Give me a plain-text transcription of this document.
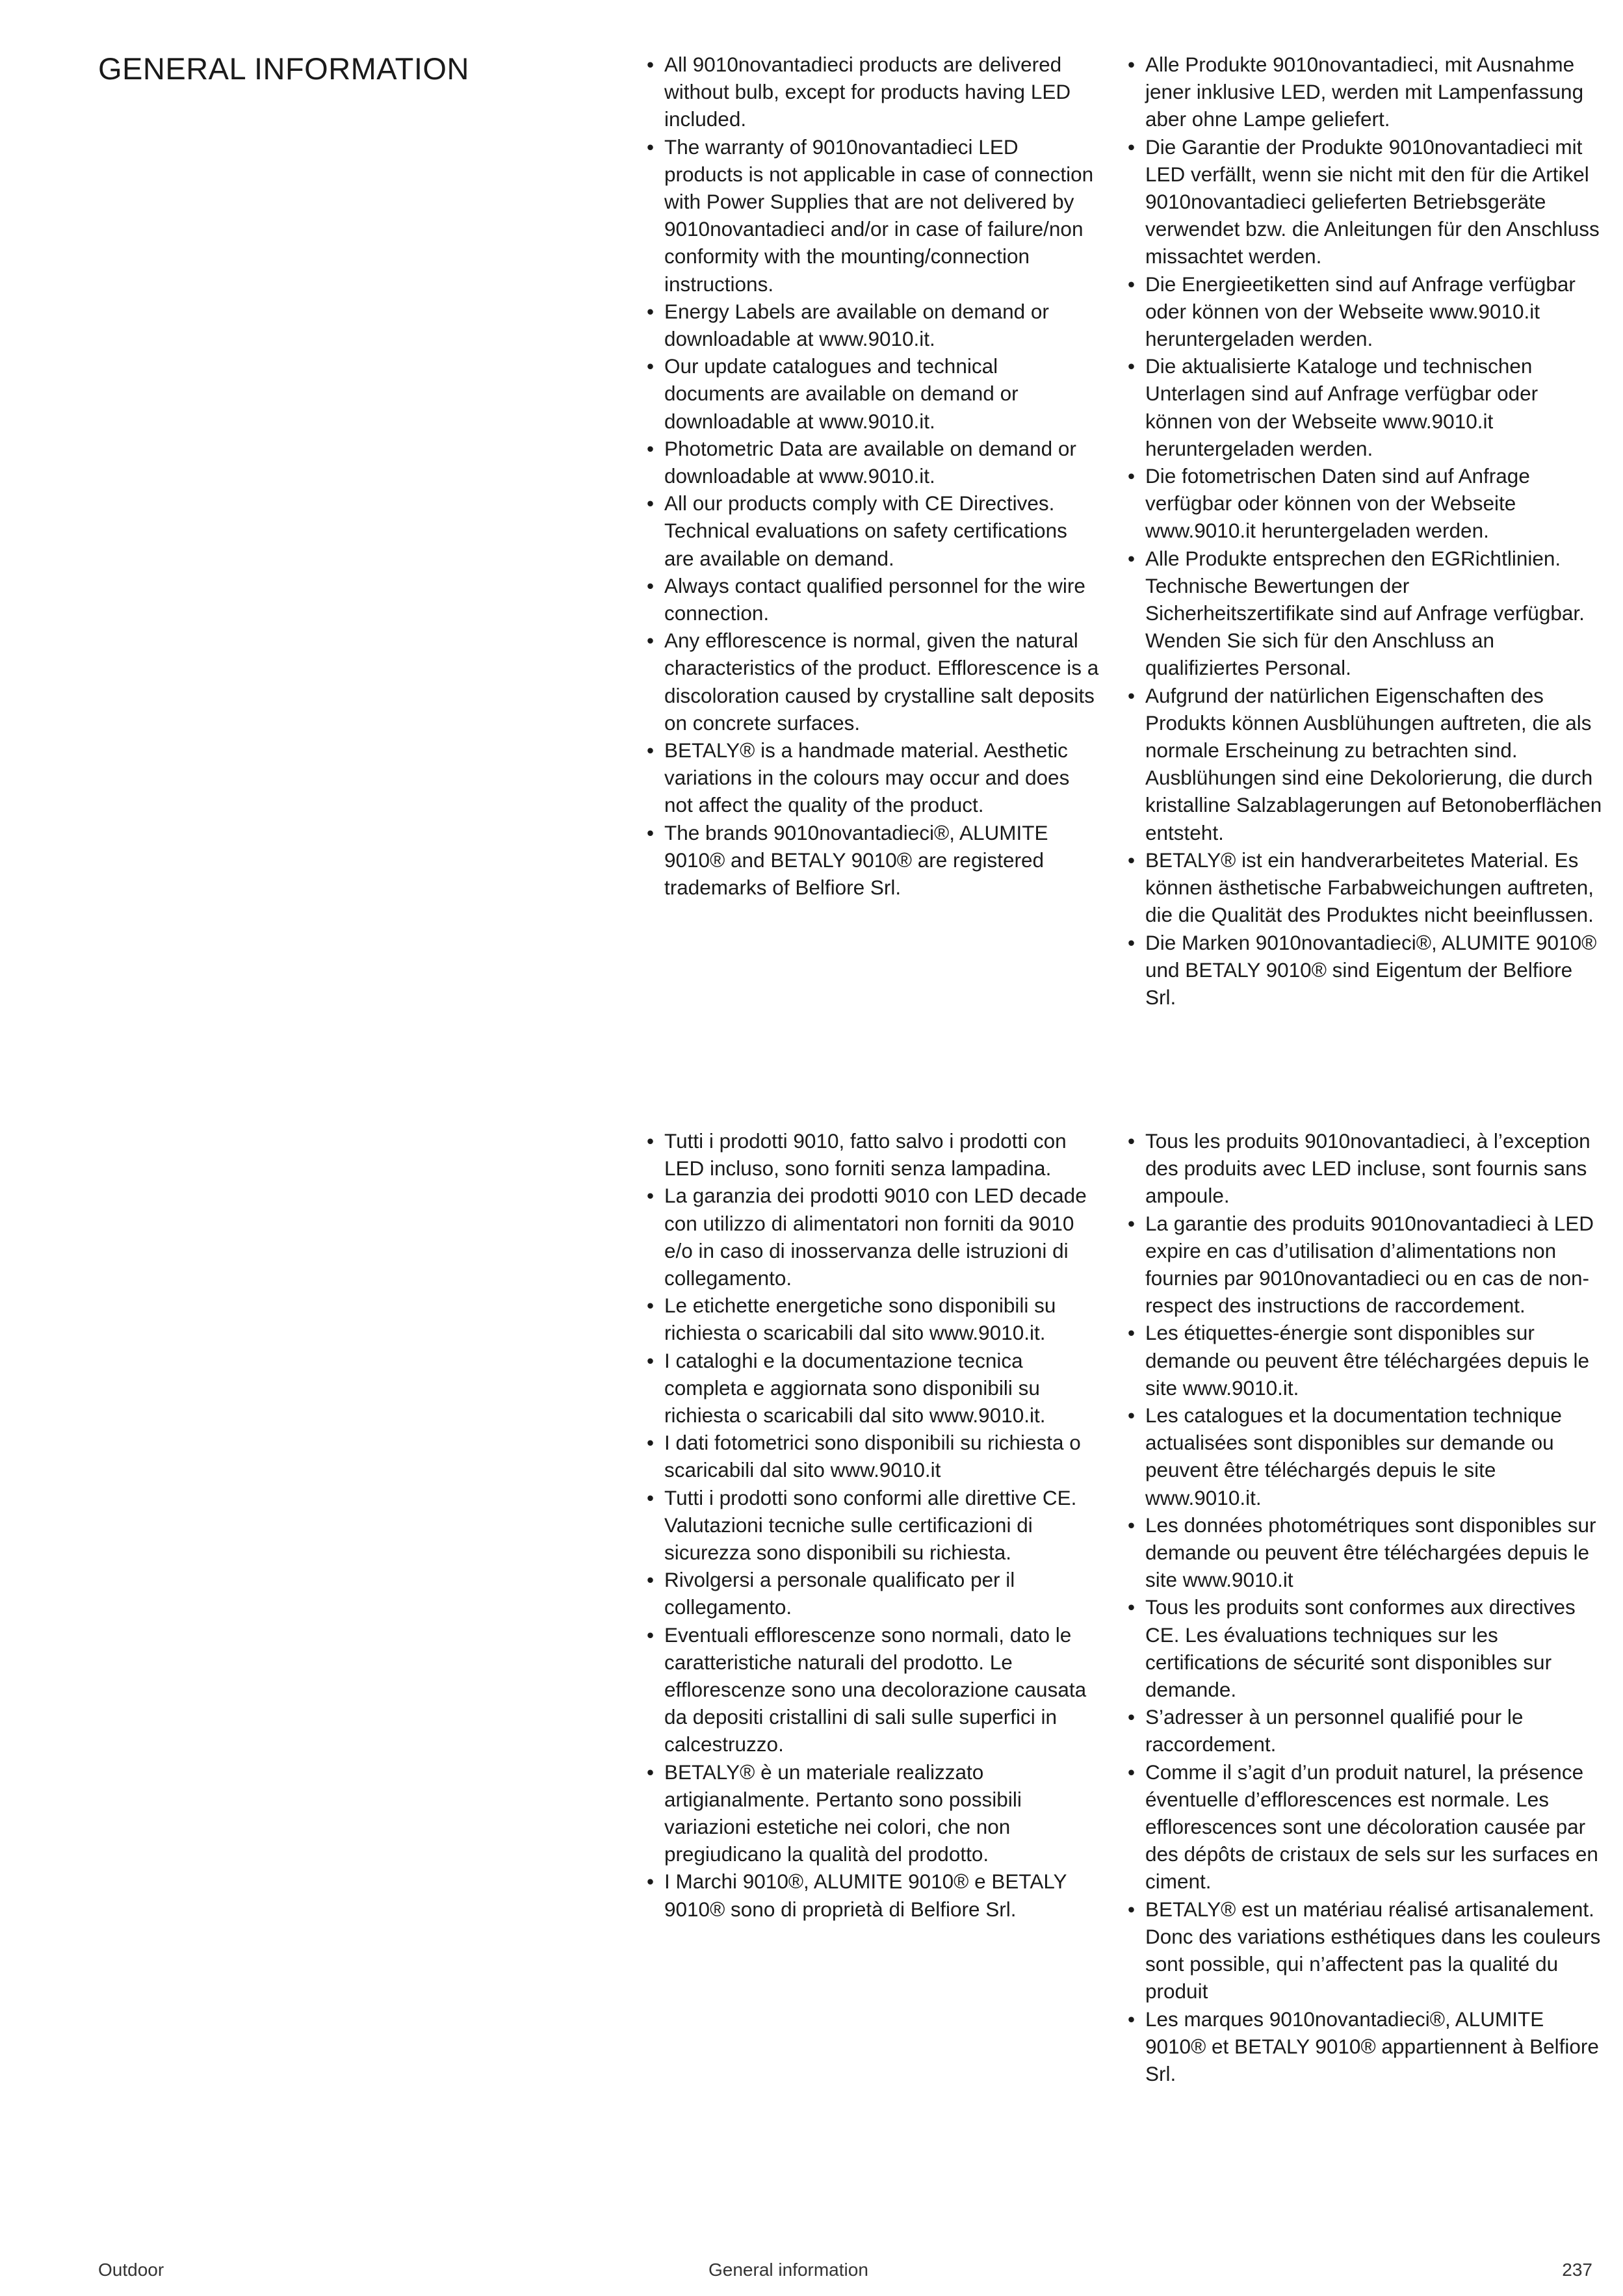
GENERAL INFORMATION	• All 9010novantadieci products are delivered without bulb, except for products having LED included.
• The warranty of 9010novantadieci LED products is not applicable in case of connection with Power Supplies that are not delivered by 9010novantadieci and/or in case of failure/non conformity with the mounting/connection instructions.
• Energy Labels are available on demand or downloadable at www.9010.it.
• Our update catalogues and technical documents are available on demand or downloadable at www.9010.it.
• Photometric Data are available on demand or downloadable at www.9010.it.
• All our products comply with CE Directives. Technical evaluations on safety certifications are available on demand.
• Always contact qualified personnel for the wire connection.
• Any efflorescence is normal, given the natural characteristics of the product. Efflorescence is a discoloration caused by crystalline salt deposits on concrete surfaces.
• BETALY® is a handmade material. Aesthetic variations in the colours may occur and does not affect the quality of the product.
• The brands 9010novantadieci®, ALUMITE 9010® and BETALY 9010® are registered trademarks of Belfiore Srl.
• Alle Produkte 9010novantadieci, mit Ausnahme jener inklusive LED, werden mit Lampenfassung aber ohne Lampe geliefert.
• Die Garantie der Produkte 9010novantadieci mit LED verfällt, wenn sie nicht mit den für die Artikel 9010novantadieci gelieferten Betriebsgeräte verwendet bzw. die Anleitungen für den Anschluss missachtet werden.
• Die Energieetiketten sind auf Anfrage verfügbar oder können von der Webseite www.9010.it heruntergeladen werden.
• Die aktualisierte Kataloge und technischen Unterlagen sind auf Anfrage verfügbar oder können von der Webseite www.9010.it heruntergeladen werden.
• Die fotometrischen Daten sind auf Anfrage verfügbar oder können von der Webseite www.9010.it heruntergeladen werden.
• Alle Produkte entsprechen den EGRichtlinien. Technische Bewertungen der Sicherheitszertifikate sind auf Anfrage verfügbar. Wenden Sie sich für den Anschluss an qualifiziertes Personal.
• Aufgrund der natürlichen Eigenschaften des Produkts können Ausblühungen auftreten, die als normale Erscheinung zu betrachten sind. Ausblühungen sind eine Dekolorierung, die durch kristalline Salzablagerungen auf Betonoberflächen entsteht.
• BETALY® ist ein handverarbeitetes Material. Es können ästhetische Farbabweichungen auftreten, die die Qualität des Produktes nicht beeinflussen.
• Die Marken 9010novantadieci®, ALUMITE 9010® und BETALY 9010® sind Eigentum der Belfiore Srl.
• Tutti i prodotti 9010, fatto salvo i prodotti con LED incluso, sono forniti senza lampadina.
• La garanzia dei prodotti 9010 con LED decade con utilizzo di alimentatori non forniti da 9010 e/o in caso di inosservanza delle istruzioni di collegamento.
• Le etichette energetiche sono disponibili su richiesta o scaricabili dal sito www.9010.it.
• I cataloghi e la documentazione tecnica completa e aggiornata sono disponibili su richiesta o scaricabili dal sito www.9010.it.
• I dati fotometrici sono disponibili su richiesta o scaricabili dal sito www.9010.it
• Tutti i prodotti sono conformi alle direttive CE. Valutazioni tecniche sulle certificazioni di sicurezza sono disponibili su richiesta.
• Rivolgersi a personale qualificato per il collegamento.
• Eventuali efflorescenze sono normali, dato le caratteristiche naturali del prodotto. Le efflorescenze sono una decolorazione causata da depositi cristallini di sali sulle superfici in calcestruzzo.
• BETALY® è un materiale realizzato artigianalmente. Pertanto sono possibili variazioni estetiche nei colori, che non pregiudicano la qualità del prodotto.
• I Marchi 9010®, ALUMITE 9010® e BETALY 9010® sono di proprietà di Belfiore Srl.
• Tous les produits 9010novantadieci, à l’exception des produits avec LED incluse, sont fournis sans ampoule.
• La garantie des produits 9010novantadieci à LED expire en cas d’utilisation d’alimentations non fournies par 9010novantadieci ou en cas de non-respect des instructions de raccordement.
• Les étiquettes-énergie sont disponibles sur demande ou peuvent être téléchargées depuis le site www.9010.it.
• Les catalogues et la documentation technique actualisées sont disponibles sur demande ou peuvent être téléchargés depuis le site www.9010.it.
• Les données photométriques sont disponibles sur demande ou peuvent être téléchargées depuis le site www.9010.it
• Tous les produits sont conformes aux directives CE. Les évaluations techniques sur les certifications de sécurité sont disponibles sur demande.
• S’adresser à un personnel qualifié pour le raccordement.
• Comme il s’agit d’un produit naturel, la présence éventuelle d’efflorescences est normale. Les efflorescences sont une décoloration causée par des dépôts de cristaux de sels sur les surfaces en ciment.
• BETALY® est un matériau réalisé artisanalement. Donc des variations esthétiques dans les couleurs sont possible, qui n’affectent pas la qualité du produit
• Les marques 9010novantadieci®, ALUMITE 9010® et BETALY 9010® appartiennent à Belfiore Srl.
Outdoor	General information	237
